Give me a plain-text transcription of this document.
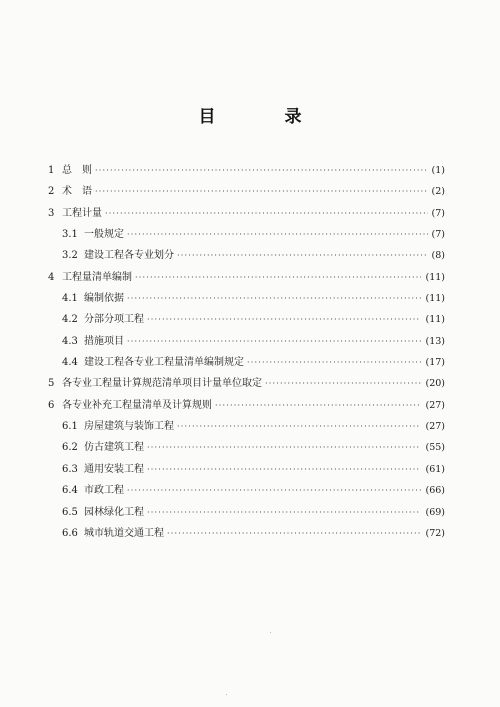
目　录
1 总　则 ·····	(1)
2 术　语 ·····	(2)
3 工程计量 ·····	(7)
3.1 一般规定 ·····	(7)
3.2 建设工程各专业划分 ·····	(8)
4 工程量清单编制 ·····	(11)
4.1 编制依据 ·····	(11)
4.2 分部分项工程 ·····	(11)
4.3 措施项目 ·····	(13)
4.4 建设工程各专业工程量清单编制规定 ·····	(17)
5 各专业工程量计算规范清单项目计量单位取定 ·····	(20)
6 各专业补充工程量清单及计算规则 ·····	(27)
6.1 房屋建筑与装饰工程 ·····	(27)
6.2 仿古建筑工程 ·····	(55)
6.3 通用安装工程 ·····	(61)
6.4 市政工程 ·····	(66)
6.5 园林绿化工程 ·····	(69)
6.6 城市轨道交通工程 ·····	(72)
